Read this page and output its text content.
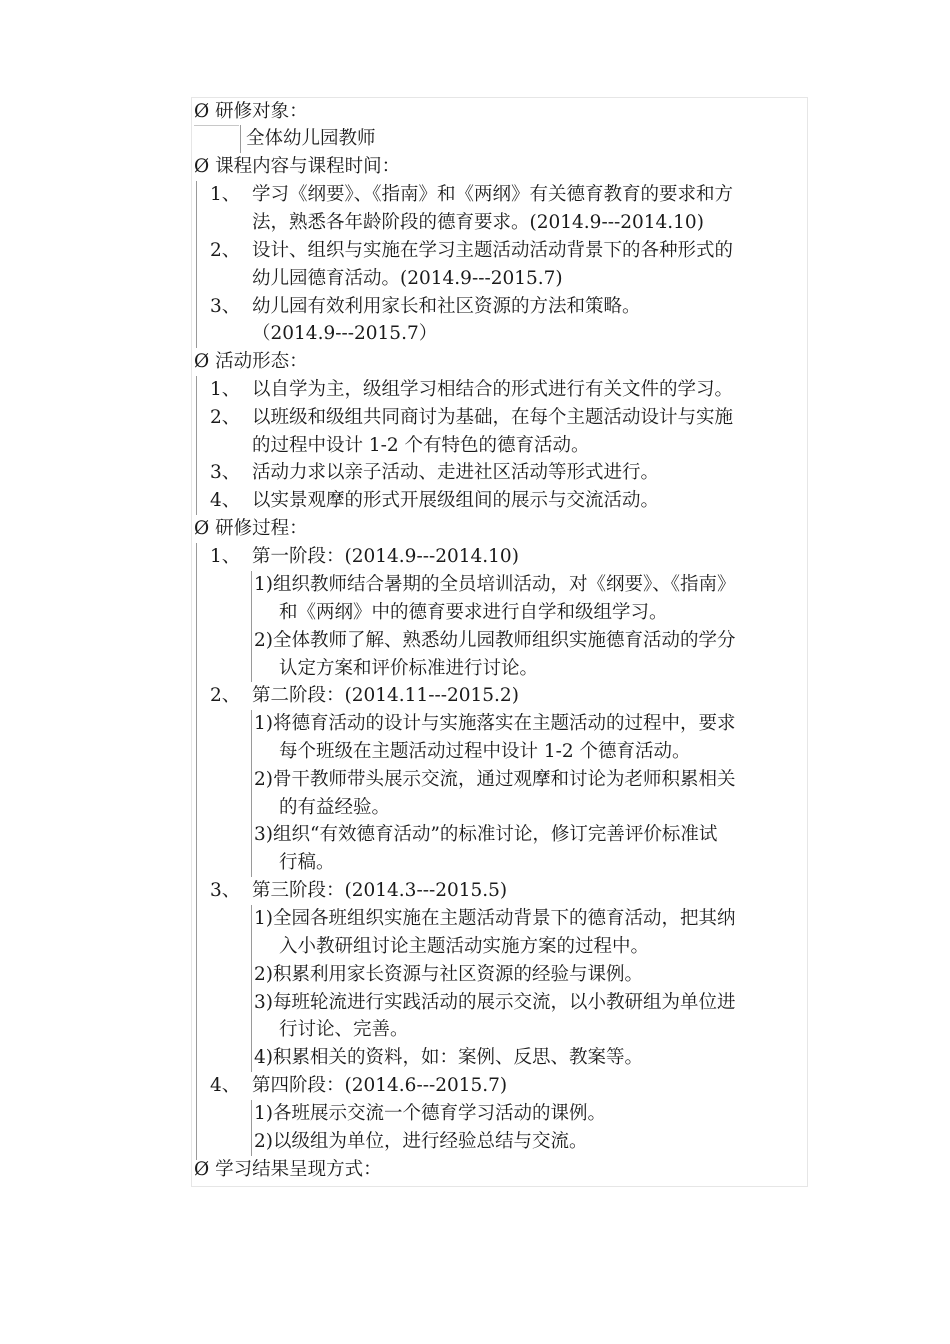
Ø 研修对象：
全体幼儿园教师
Ø 课程内容与课程时间：
1、 学习《纲要》、《指南》和《两纲》有关德育教育的要求和方
法，熟悉各年龄阶段的德育要求。(2014.9---2014.10)
2、 设计、组织与实施在学习主题活动活动背景下的各种形式的
幼儿园德育活动。(2014.9---2015.7)
3、 幼儿园有效利用家长和社区资源的方法和策略。
（2014.9---2015.7）
Ø 活动形态：
1、 以自学为主，级组学习相结合的形式进行有关文件的学习。
2、 以班级和级组共同商讨为基础，在每个主题活动设计与实施
的过程中设计 1-2 个有特色的德育活动。
3、 活动力求以亲子活动、走进社区活动等形式进行。
4、 以实景观摩的形式开展级组间的展示与交流活动。
Ø 研修过程：
1、 第一阶段：(2014.9---2014.10)
1)组织教师结合暑期的全员培训活动，对《纲要》、《指南》
和《两纲》中的德育要求进行自学和级组学习。
2)全体教师了解、熟悉幼儿园教师组织实施德育活动的学分
认定方案和评价标准进行讨论。
2、 第二阶段：(2014.11---2015.2)
1)将德育活动的设计与实施落实在主题活动的过程中，要求
每个班级在主题活动过程中设计 1-2 个德育活动。
2)骨干教师带头展示交流，通过观摩和讨论为老师积累相关
的有益经验。
3)组织“有效德育活动”的标准讨论，修订完善评价标准试
行稿。
3、 第三阶段：(2014.3---2015.5)
1)全园各班组织实施在主题活动背景下的德育活动，把其纳
入小教研组讨论主题活动实施方案的过程中。
2)积累利用家长资源与社区资源的经验与课例。
3)每班轮流进行实践活动的展示交流，以小教研组为单位进
行讨论、完善。
4)积累相关的资料，如：案例、反思、教案等。
4、 第四阶段：(2014.6---2015.7)
1)各班展示交流一个德育学习活动的课例。
2)以级组为单位，进行经验总结与交流。
Ø 学习结果呈现方式：
